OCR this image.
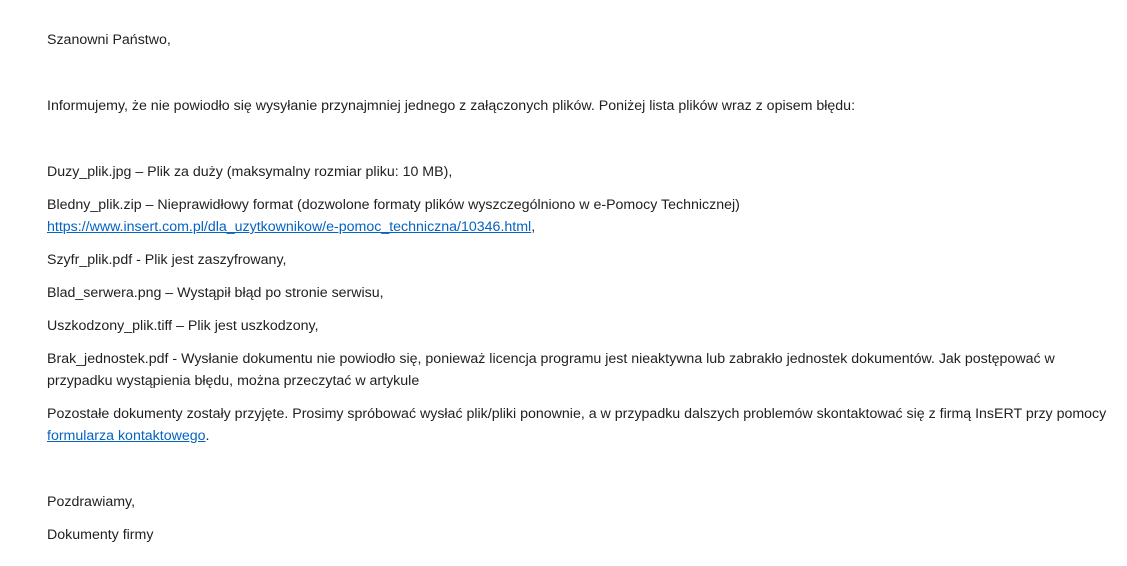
Szanowni Państwo,

Informujemy, że nie powiodło się wysyłanie przynajmniej jednego z załączonych plików. Poniżej lista plików wraz z opisem błędu:

Duzy_plik.jpg – Plik za duży (maksymalny rozmiar pliku: 10 MB),

Bledny_plik.zip – Nieprawidłowy format (dozwolone formaty plików wyszczególniono w e-Pomocy Technicznej)
https://www.insert.com.pl/dla_uzytkownikow/e-pomoc_techniczna/10346.html,

Szyfr_plik.pdf - Plik jest zaszyfrowany,

Blad_serwera.png – Wystąpił błąd po stronie serwisu,

Uszkodzony_plik.tiff – Plik jest uszkodzony,

Brak_jednostek.pdf - Wysłanie dokumentu nie powiodło się, ponieważ licencja programu jest nieaktywna lub zabrakło jednostek dokumentów. Jak postępować w przypadku wystąpienia błędu, można przeczytać w artykule

Pozostałe dokumenty zostały przyjęte. Prosimy spróbować wysłać plik/pliki ponownie, a w przypadku dalszych problemów skontaktować się z firmą InsERT przy pomocy formularza kontaktowego.

Pozdrawiamy,

Dokumenty firmy
